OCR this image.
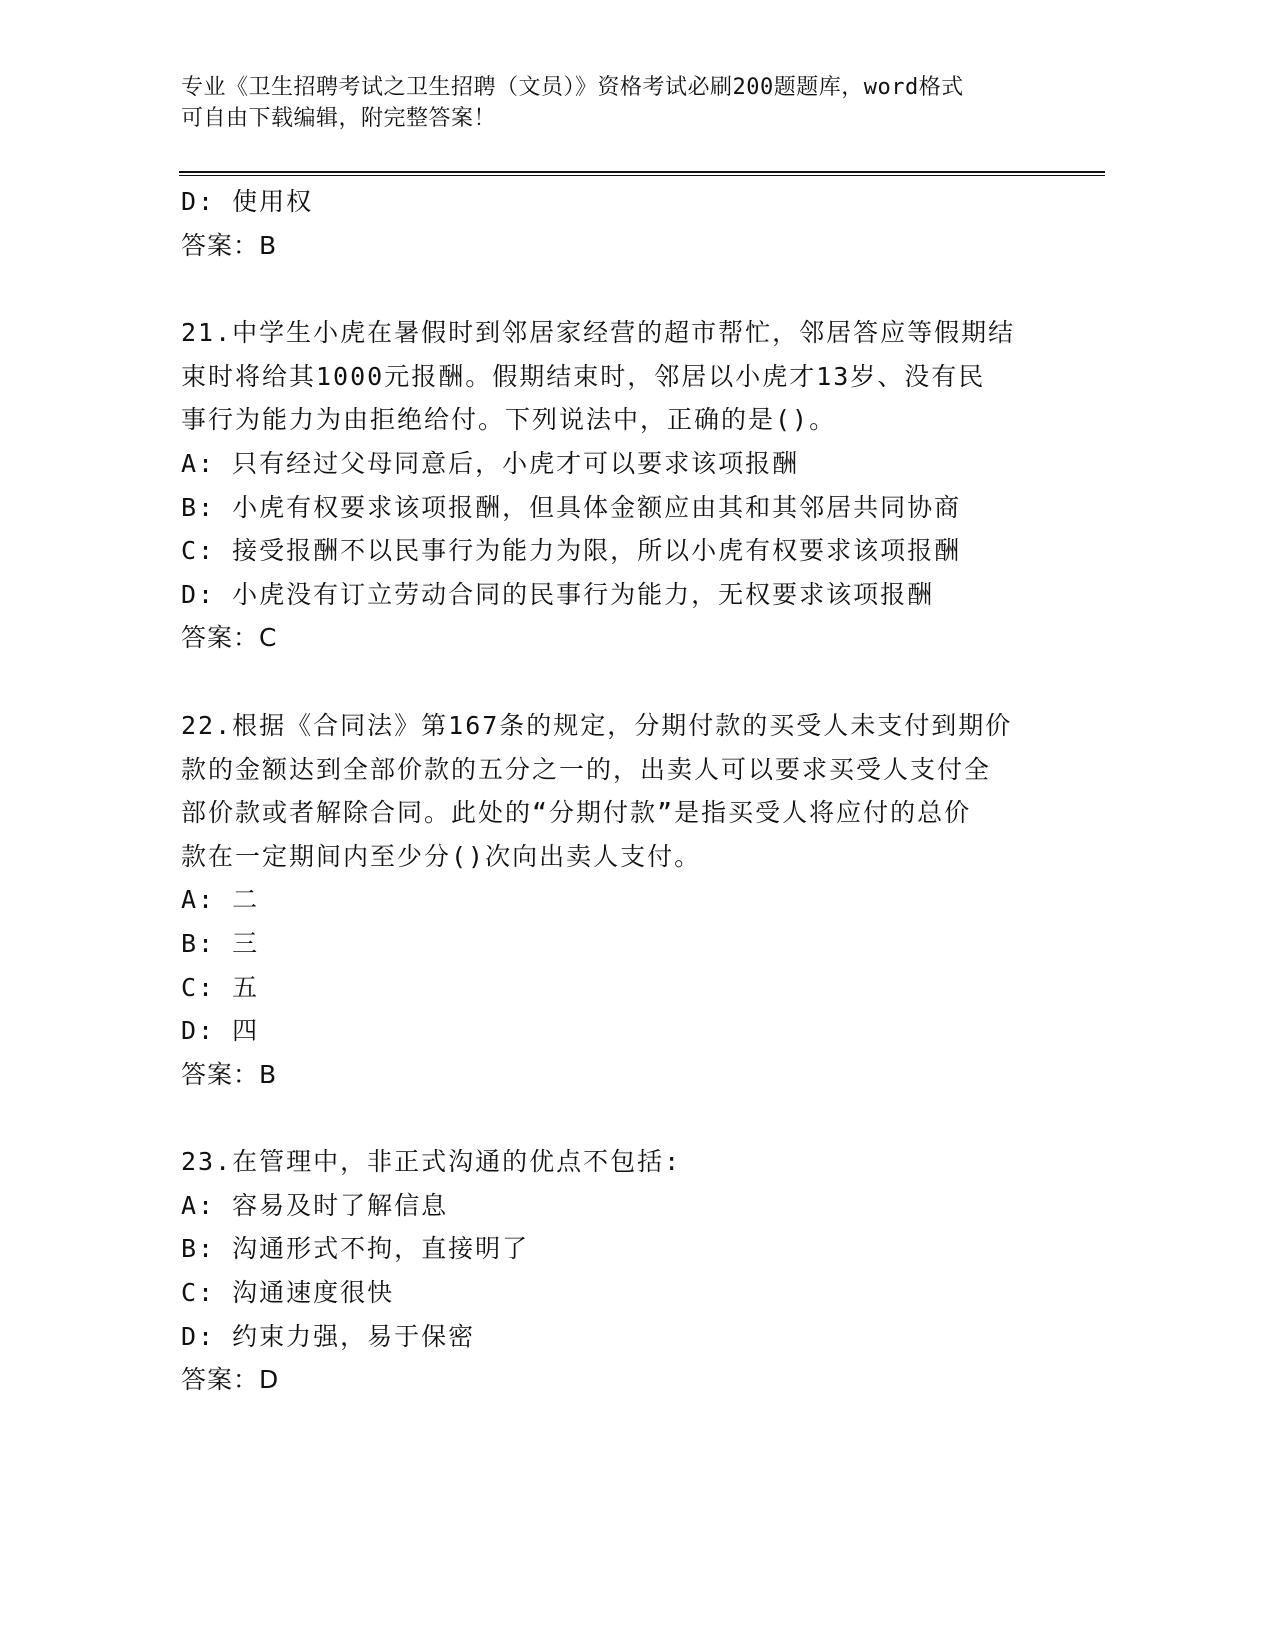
专业《卫生招聘考试之卫生招聘（文员）》资格考试必刷200题题库，word格式
可自由下载编辑，附完整答案！
D: 使用权
答案：B
21.中学生小虎在暑假时到邻居家经营的超市帮忙，邻居答应等假期结
束时将给其1000元报酬。假期结束时，邻居以小虎才13岁、没有民
事行为能力为由拒绝给付。下列说法中，正确的是()。
A: 只有经过父母同意后，小虎才可以要求该项报酬
B: 小虎有权要求该项报酬，但具体金额应由其和其邻居共同协商
C: 接受报酬不以民事行为能力为限，所以小虎有权要求该项报酬
D: 小虎没有订立劳动合同的民事行为能力，无权要求该项报酬
答案：C
22.根据《合同法》第167条的规定，分期付款的买受人未支付到期价
款的金额达到全部价款的五分之一的，出卖人可以要求买受人支付全
部价款或者解除合同。此处的“分期付款”是指买受人将应付的总价
款在一定期间内至少分()次向出卖人支付。
A: 二
B: 三
C: 五
D: 四
答案：B
23.在管理中，非正式沟通的优点不包括:
A: 容易及时了解信息
B: 沟通形式不拘，直接明了
C: 沟通速度很快
D: 约束力强，易于保密
答案：D
